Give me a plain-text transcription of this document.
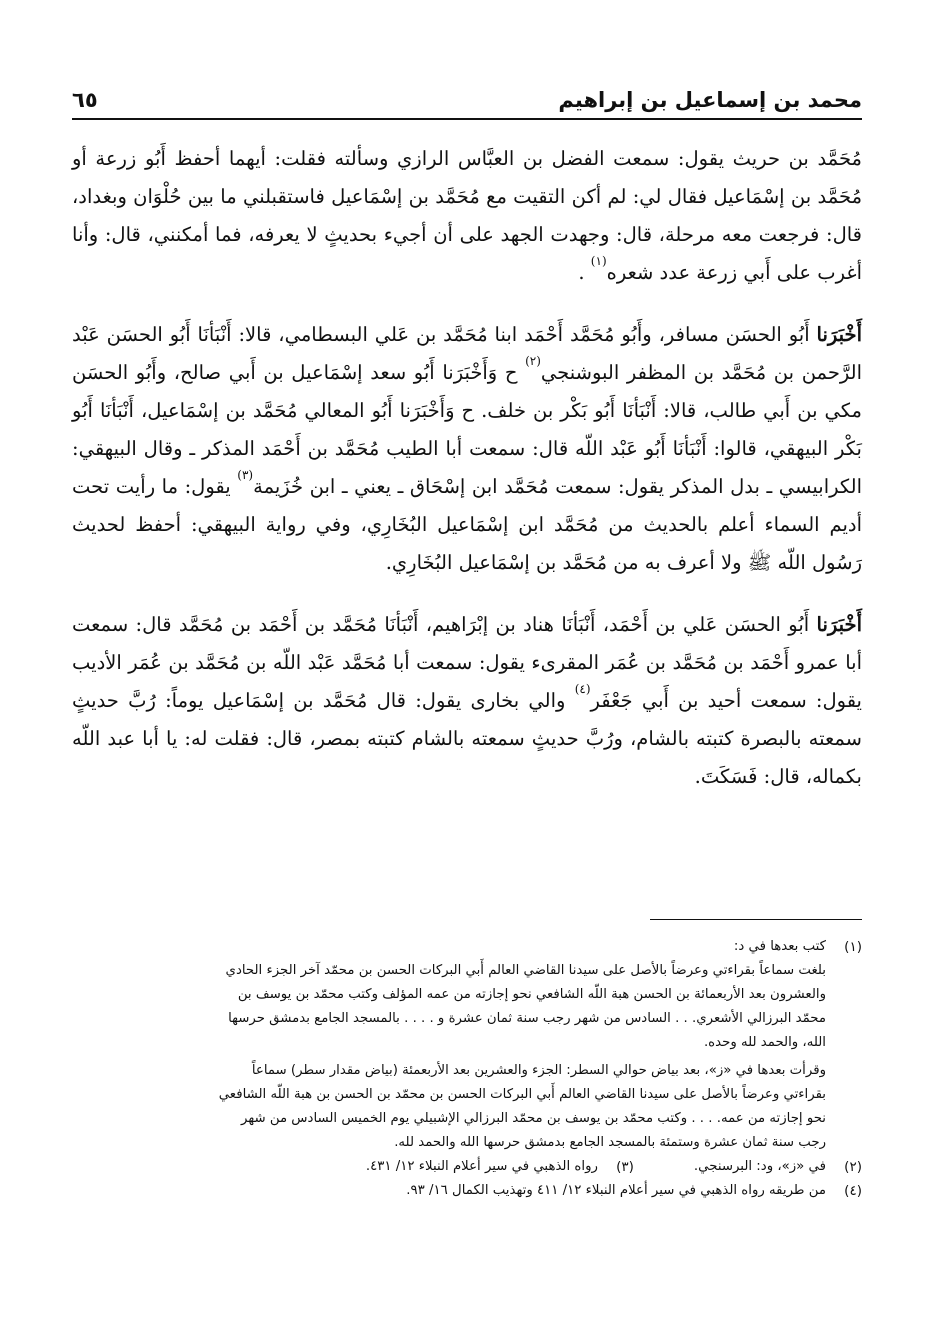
محمد بن إسماعيل بن إبراهيم
٦٥

مُحَمَّد بن حريث يقول: سمعت الفضل بن العبَّاس الرازي وسألته فقلت: أيهما أحفظ أَبُو زرعة أو مُحَمَّد بن إسْمَاعيل فقال لي: لم أكن التقيت مع مُحَمَّد بن إسْمَاعيل فاستقبلني ما بين حُلْوَان وبغداد، قال: فرجعت معه مرحلة، قال: وجهدت الجهد على أن أجيء بحديثٍ لا يعرفه، فما أمكنني، قال: وأنا أغرب على أَبي زرعة عدد شعره$^{(١)}$ .

أَخْبَرَنا أَبُو الحسَن مسافر، وأَبُو مُحَمَّد أَحْمَد ابنا مُحَمَّد بن عَلي البسطامي، قالا: أَنْبَأنَا أَبُو الحسَن عَبْد الرَّحمن بن مُحَمَّد بن المظفر البوشنجي$^{(٢)}$ ح وَأَخْبَرَنا أَبُو سعد إسْمَاعيل بن أَبي صالح، وأَبُو الحسَن مكي بن أَبي طالب، قالا: أَنْبَأنَا أَبُو بَكْر بن خلف. ح وَأَخْبَرَنا أَبُو المعالي مُحَمَّد بن إسْمَاعيل، أَنْبَأنَا أَبُو بَكْر البيهقي، قالوا: أَنْبَأنَا أَبُو عَبْد اللّه قال: سمعت أبا الطيب مُحَمَّد بن أَحْمَد المذكر ـ وقال البيهقي: الكرابيسي ـ بدل المذكر يقول: سمعت مُحَمَّد ابن إسْحَاق ـ يعني ـ ابن خُزَيمة$^{(٣)}$ يقول: ما رأيت تحت أديم السماء أعلم بالحديث من مُحَمَّد ابن إسْمَاعيل البُخَارِي، وفي رواية البيهقي: أحفظ لحديث رَسُول اللّه ﷺ ولا أعرف به من مُحَمَّد بن إسْمَاعيل البُخَارِي.

أَخْبَرَنا أَبُو الحسَن عَلي بن أَحْمَد، أَنْبَأنَا هناد بن إبْرَاهيم، أَنْبَأنَا مُحَمَّد بن أَحْمَد بن مُحَمَّد قال: سمعت أبا عمرو أَحْمَد بن مُحَمَّد بن عُمَر المقرىء يقول: سمعت أبا مُحَمَّد عَبْد اللّه بن مُحَمَّد بن عُمَر الأديب يقول: سمعت أحيد بن أَبي جَعْفَر$^{(٤)}$ والي بخارى يقول: قال مُحَمَّد بن إسْمَاعيل يوماً: رُبَّ حديثٍ سمعته بالبصرة كتبته بالشام، ورُبَّ حديثٍ سمعته بالشام كتبته بمصر، قال: فقلت له: يا أبا عبد اللّه بكماله، قال: فَسَكَتَ.

(١)
كتب بعدها في د:
بلغت سماعاً بقراءتي وعرضاً بالأصل على سيدنا القاضي العالم أَبي البركات الحسن بن محمّد آخر الجزء الحادي
والعشرون بعد الأربعمائة بن الحسن هبة اللّه الشافعي نحو إجازته من عمه المؤلف وكتب محمّد بن يوسف بن
محمّد البرزالي الأشعري. . . السادس من شهر رجب سنة ثمان عشرة و . . . . بالمسجد الجامع بدمشق حرسها
الله، والحمد لله وحده.
وقرأت بعدها في «ز»، بعد بياض حوالي السطر: الجزء والعشرين بعد الأربعمئة (بياض مقدار سطر) سماعاً
بقراءتي وعرضاً بالأصل على سيدنا القاضي العالم أَبي البركات الحسن بن محمّد بن الحسن بن هبة اللّه الشافعي
نحو إجازته من عمه. . . . وكتب محمّد بن يوسف بن محمّد البرزالي الإشبيلي يوم الخميس السادس من شهر
رجب سنة ثمان عشرة وستمئة بالمسجد الجامع بدمشق حرسها الله والحمد لله.
(٢)
في «ز»، ود: البرسنجي.
(٣)
رواه الذهبي في سير أعلام النبلاء ١٢/ ٤٣١.
(٤)
من طريقه رواه الذهبي في سير أعلام النبلاء ١٢/ ٤١١ وتهذيب الكمال ١٦/ ٩٣.
